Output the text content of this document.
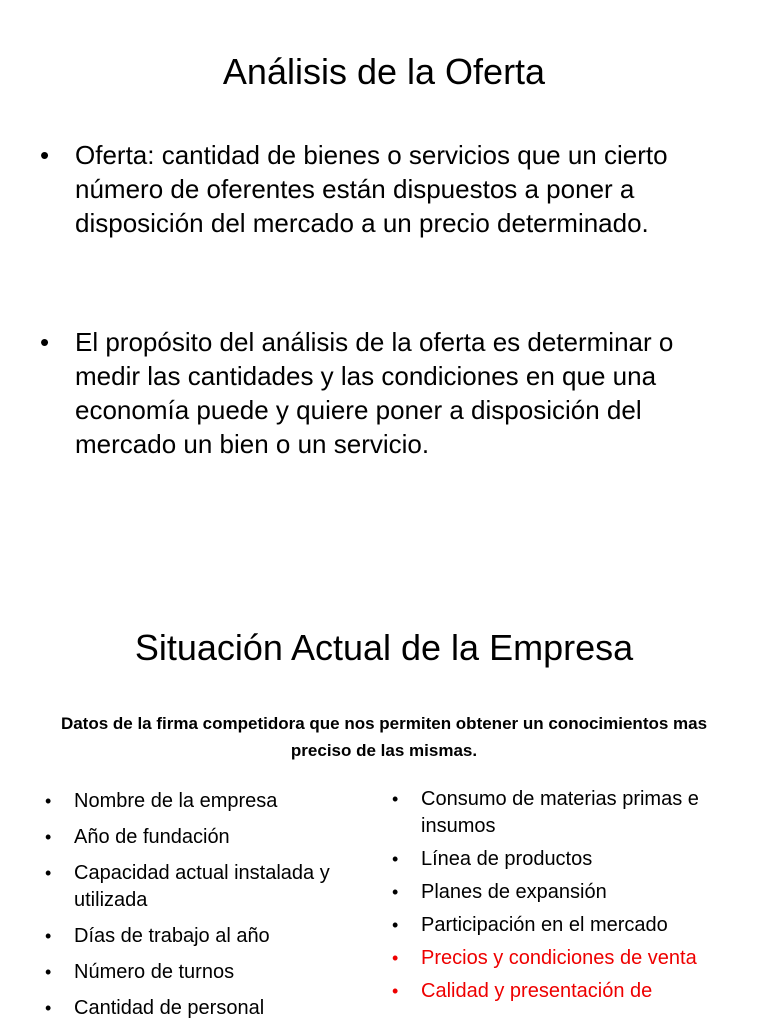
Análisis de la Oferta
• Oferta: cantidad de bienes o servicios que un cierto número de oferentes están dispuestos a poner a disposición del mercado a un precio determinado.
• El propósito del análisis de la oferta es determinar o medir las cantidades y las condiciones en que una economía puede y quiere poner a disposición del mercado un bien o un servicio.
Situación Actual de la Empresa

Datos de la firma competidora que nos permiten obtener un conocimientos mas preciso de las mismas.

• Nombre de la empresa
• Año de fundación
• Capacidad actual instalada y utilizada
• Días de trabajo al año
• Número de turnos
• Cantidad de personal
• Consumo de materias primas e insumos
• Línea de productos
• Planes de expansión
• Participación en el mercado
• Precios y condiciones de venta
• Calidad y presentación de
